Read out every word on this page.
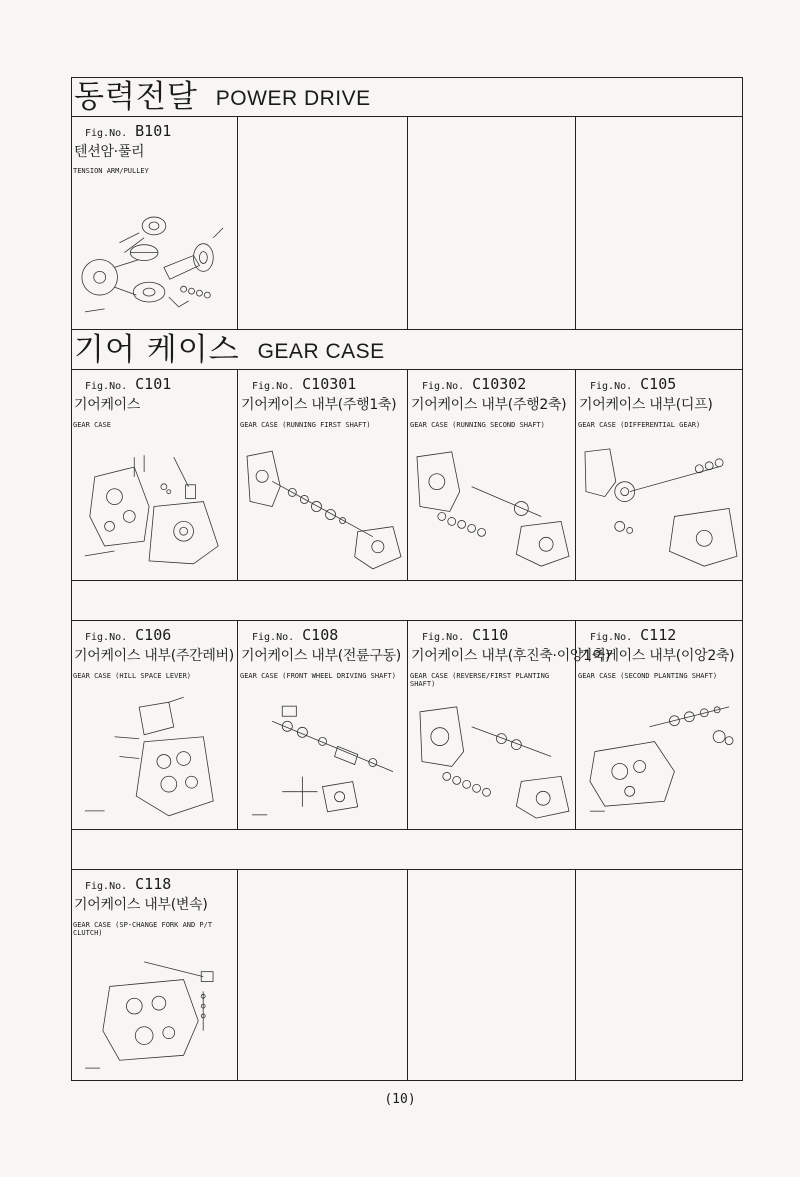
동력전달 POWER DRIVE
Fig.No. B101
텐션암·풀리
TENSION ARM/PULLEY
기어 케이스 GEAR CASE
Fig.No. C101
기어케이스
GEAR CASE
Fig.No. C10301
기어케이스 내부(주행1축)
GEAR CASE (RUNNING FIRST SHAFT)
Fig.No. C10302
기어케이스 내부(주행2축)
GEAR CASE (RUNNING SECOND SHAFT)
Fig.No. C105
기어케이스 내부(디프)
GEAR CASE (DIFFERENTIAL GEAR)
Fig.No. C106
기어케이스 내부(주간레버)
GEAR CASE (HILL SPACE LEVER)
Fig.No. C108
기어케이스 내부(전륜구동)
GEAR CASE (FRONT WHEEL DRIVING SHAFT)
Fig.No. C110
기어케이스 내부(후진축·이앙1축)
GEAR CASE (REVERSE/FIRST PLANTING SHAFT)
Fig.No. C112
기어케이스 내부(이앙2축)
GEAR CASE (SECOND PLANTING SHAFT)
Fig.No. C118
기어케이스 내부(변속)
GEAR CASE (SP-CHANGE FORK AND P/T CLUTCH)
(10)
